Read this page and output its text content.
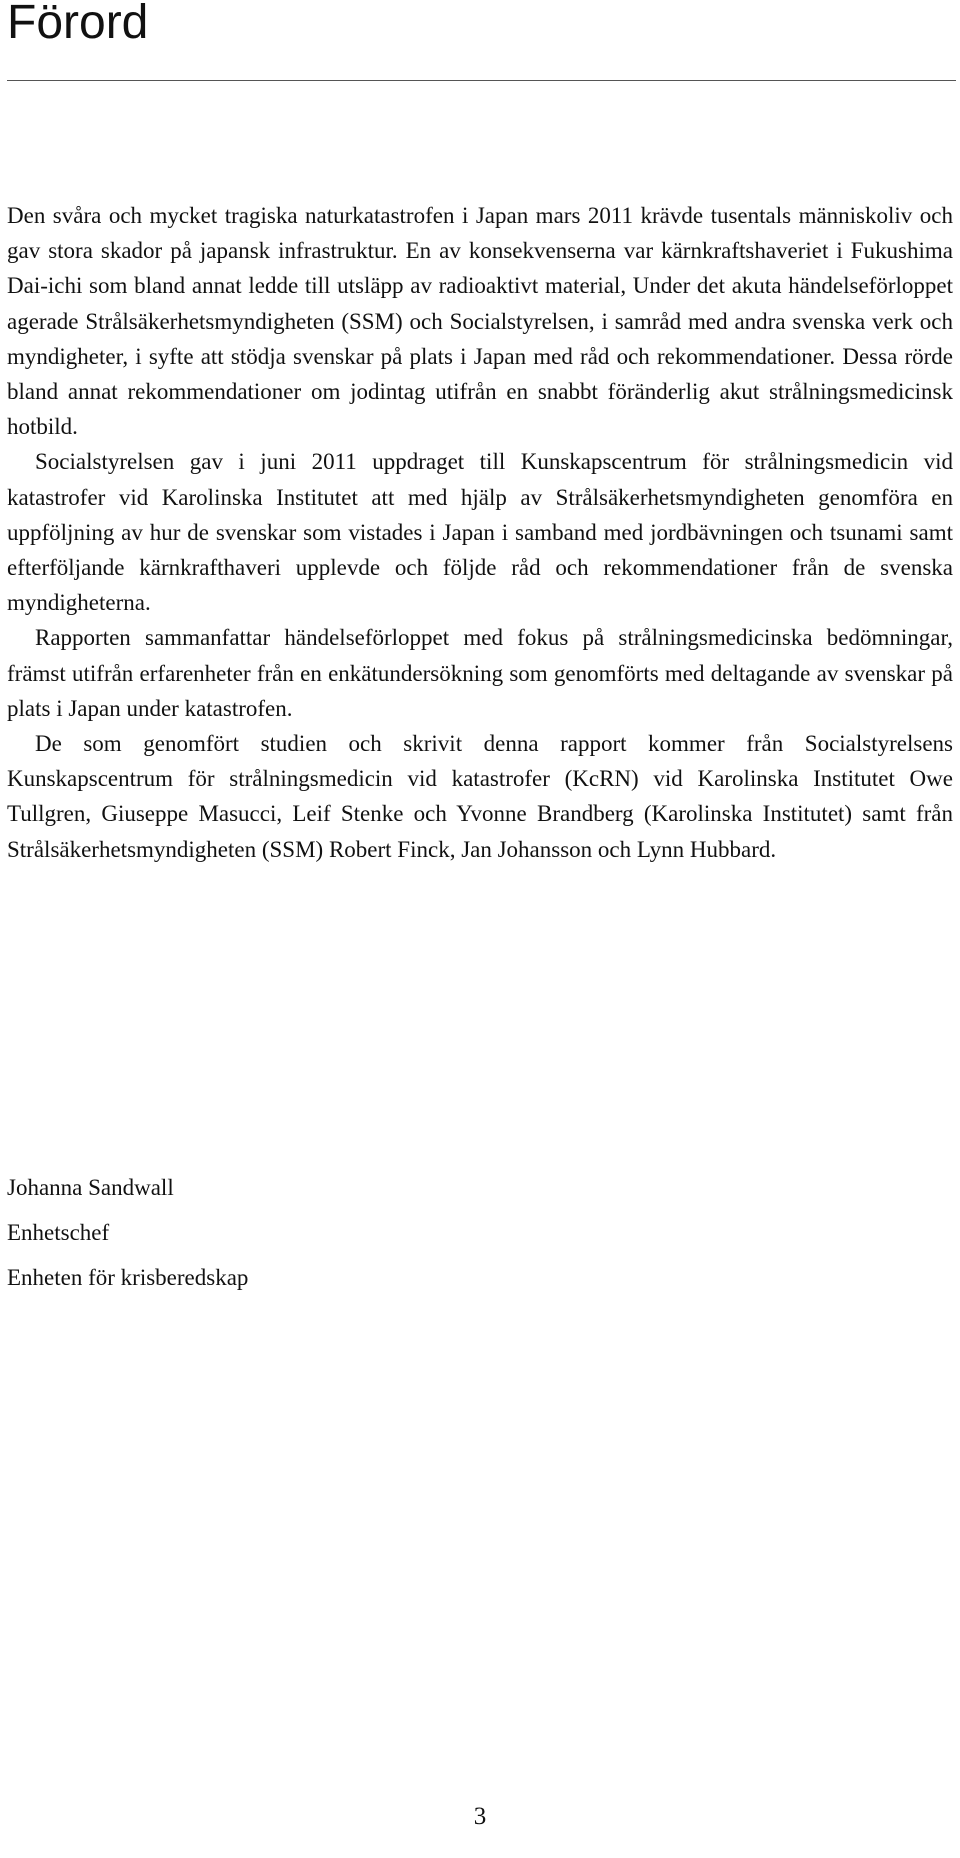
Förord

Den svåra och mycket tragiska naturkatastrofen i Japan mars 2011 krävde tusentals människoliv och gav stora skador på japansk infrastruktur. En av konsekvenserna var kärnkraftshaveriet i Fukushima Dai-ichi som bland annat ledde till utsläpp av radioaktivt material, Under det akuta händelseförloppet agerade Strålsäkerhetsmyndigheten (SSM) och Socialstyrelsen, i samråd med andra svenska verk och myndigheter, i syfte att stödja svenskar på plats i Japan med råd och rekommendationer. Dessa rörde bland annat rekommendationer om jodintag utifrån en snabbt föränderlig akut strålningsmedicinsk hotbild.

Socialstyrelsen gav i juni 2011 uppdraget till Kunskapscentrum för strålningsmedicin vid katastrofer vid Karolinska Institutet att med hjälp av Strålsäkerhetsmyndigheten genomföra en uppföljning av hur de svenskar som vistades i Japan i samband med jordbävningen och tsunami samt efterföljande kärnkrafthaveri upplevde och följde råd och rekommendationer från de svenska myndigheterna.

Rapporten sammanfattar händelseförloppet med fokus på strålningsmedicinska bedömningar, främst utifrån erfarenheter från en enkätundersökning som genomförts med deltagande av svenskar på plats i Japan under katastrofen.

De som genomfört studien och skrivit denna rapport kommer från Socialstyrelsens Kunskapscentrum för strålningsmedicin vid katastrofer (KcRN) vid Karolinska Institutet Owe Tullgren, Giuseppe Masucci, Leif Stenke och Yvonne Brandberg (Karolinska Institutet) samt från Strålsäkerhetsmyndigheten (SSM) Robert Finck, Jan Johansson och Lynn Hubbard.

Johanna Sandwall
Enhetschef
Enheten för krisberedskap
3
